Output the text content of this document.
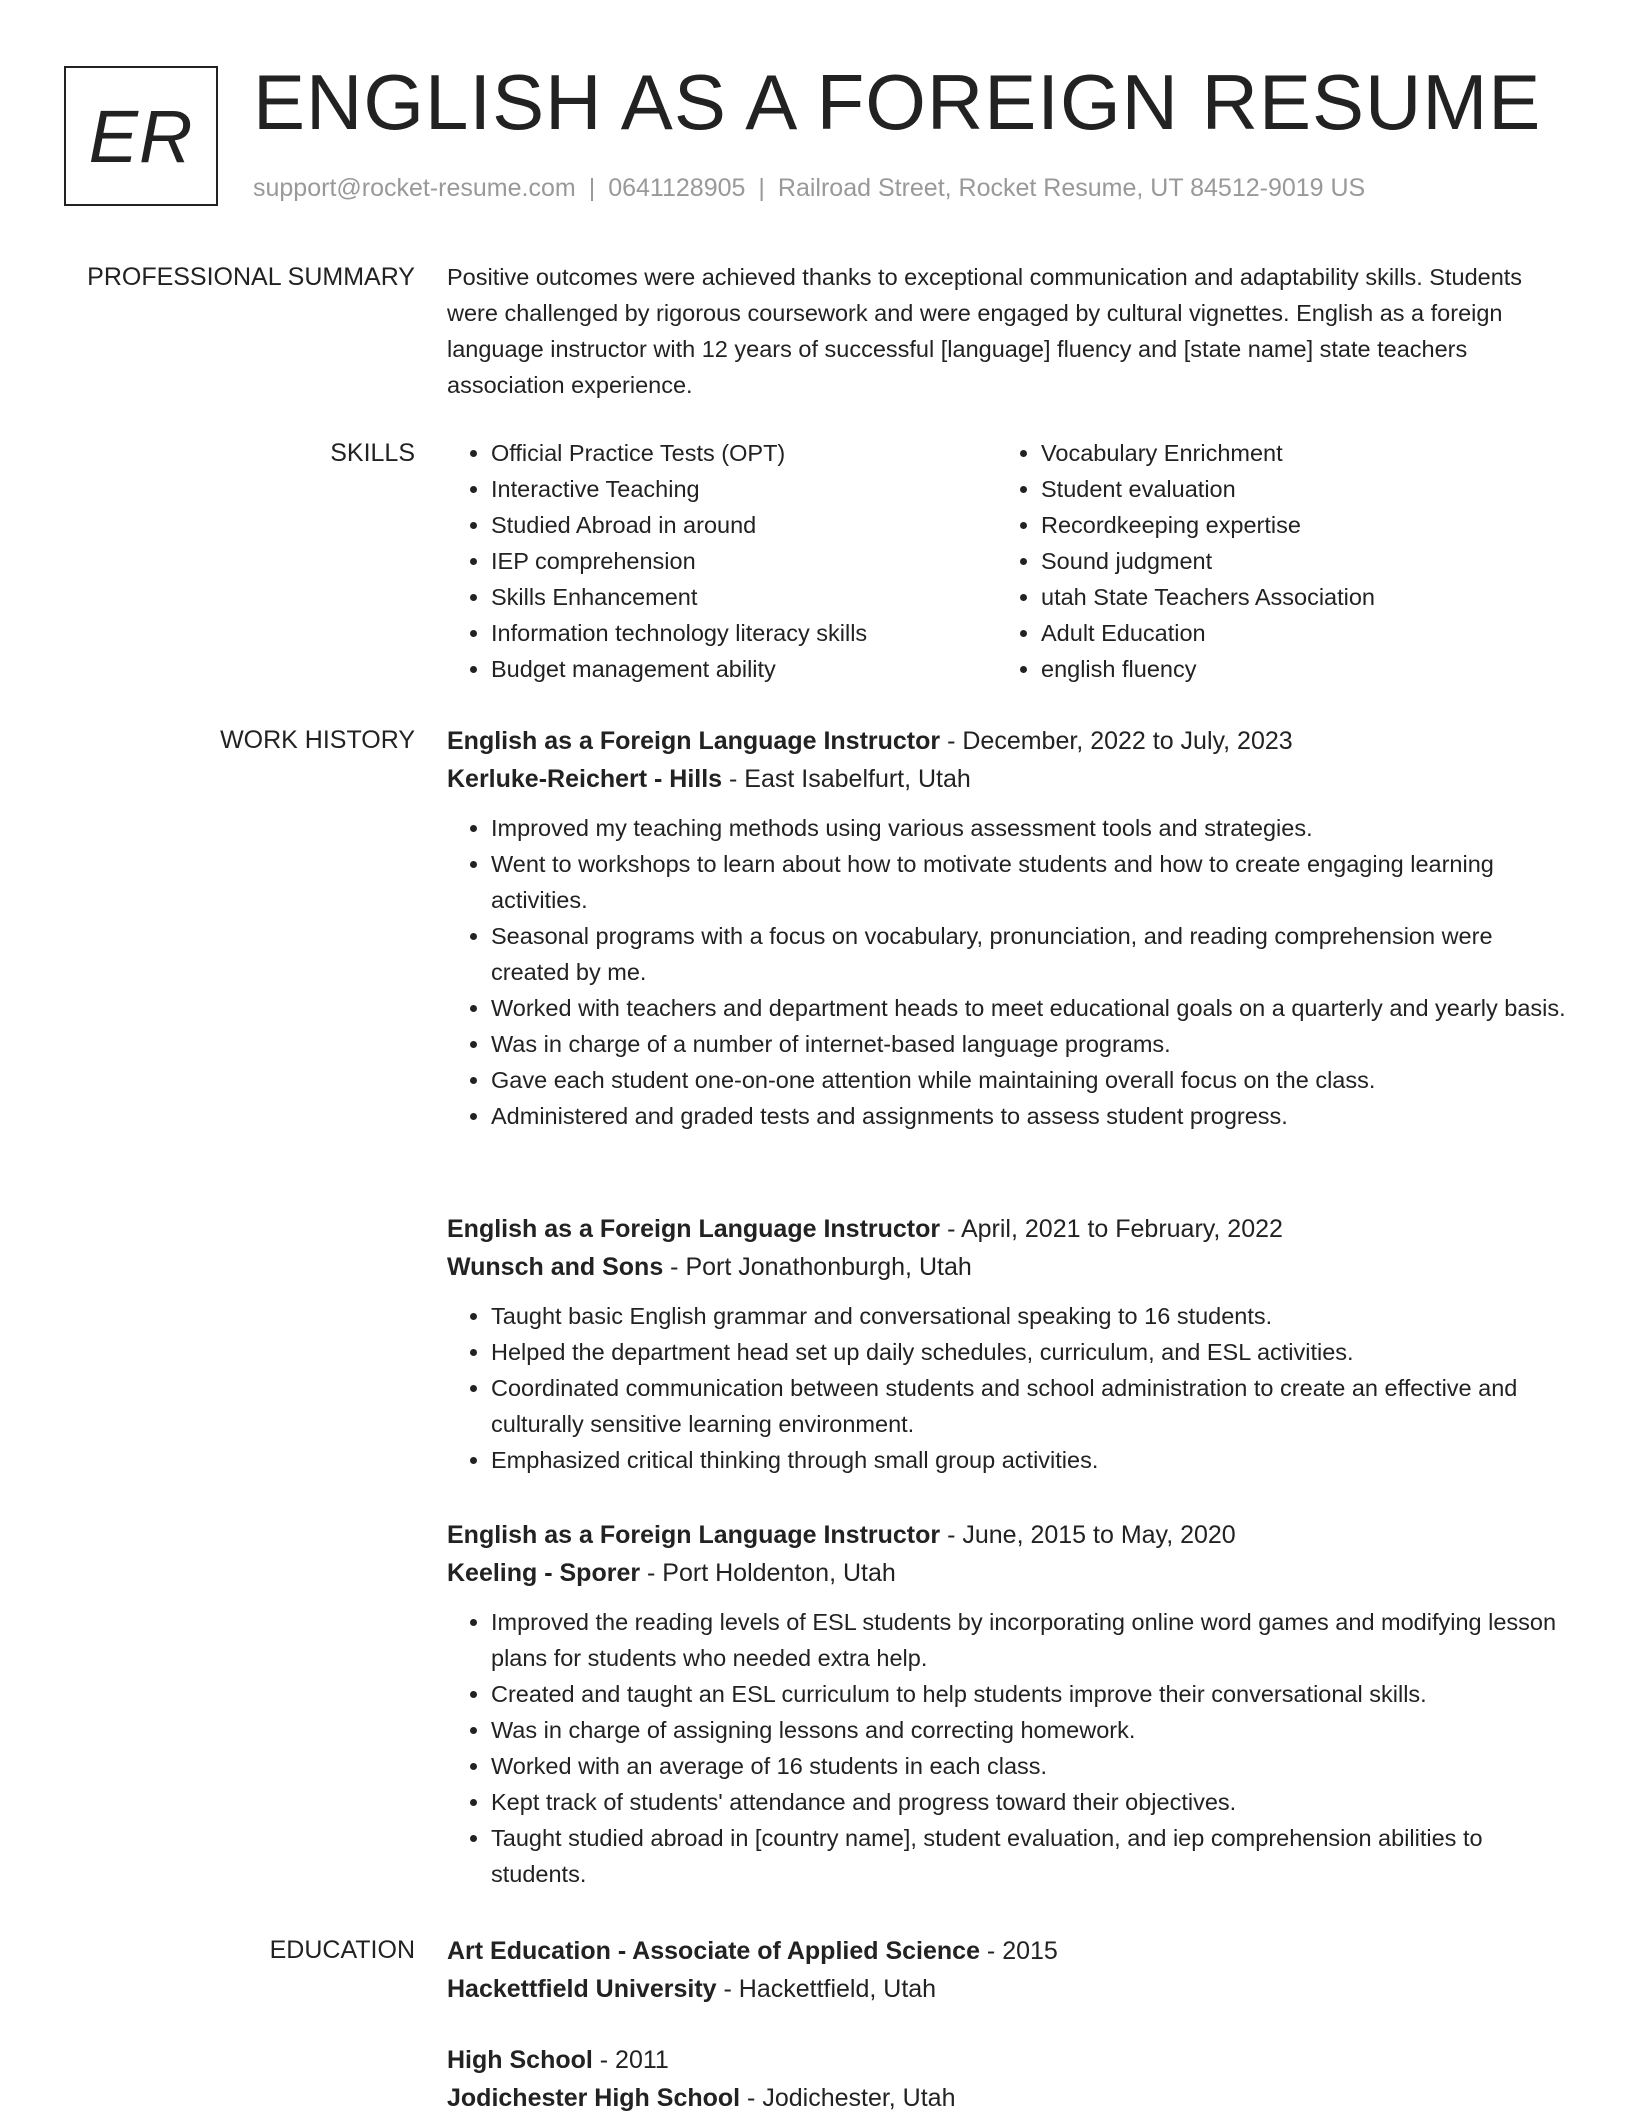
ER ENGLISH AS A FOREIGN RESUME
support@rocket-resume.com | 0641128905 | Railroad Street, Rocket Resume, UT 84512-9019 US
PROFESSIONAL SUMMARY Positive outcomes were achieved thanks to exceptional communication and adaptability skills. Students were challenged by rigorous coursework and were engaged by cultural vignettes. English as a foreign language instructor with 12 years of successful [language] fluency and [state name] state teachers association experience.

SKILLS
•	Official Practice Tests (OPT)
• Interactive Teaching
• Studied Abroad in around
• IEP comprehension
• Skills Enhancement
• Information technology literacy skills
• Budget management ability
• Vocabulary Enrichment
• Student evaluation
• Recordkeeping expertise
• Sound judgment
• utah State Teachers Association
• Adult Education
• english fluency
WORK HISTORY English as a Foreign Language Instructor - December, 2022 to July, 2023
Kerluke-Reichert - Hills - East Isabelfurt, Utah
• Improved my teaching methods using various assessment tools and strategies.
• Went to workshops to learn about how to motivate students and how to create engaging learning activities.
• Seasonal programs with a focus on vocabulary, pronunciation, and reading comprehension were created by me.
• Worked with teachers and department heads to meet educational goals on a quarterly and yearly basis.
• Was in charge of a number of internet-based language programs.
• Gave each student one-on-one attention while maintaining overall focus on the class.
• Administered and graded tests and assignments to assess student progress.
English as a Foreign Language Instructor - April, 2021 to February, 2022
Wunsch and Sons - Port Jonathonburgh, Utah
• Taught basic English grammar and conversational speaking to 16 students.
• Helped the department head set up daily schedules, curriculum, and ESL activities.
• Coordinated communication between students and school administration to create an effective and culturally sensitive learning environment.
• Emphasized critical thinking through small group activities.
English as a Foreign Language Instructor - June, 2015 to May, 2020
Keeling - Sporer - Port Holdenton, Utah
• Improved the reading levels of ESL students by incorporating online word games and modifying lesson plans for students who needed extra help.
• Created and taught an ESL curriculum to help students improve their conversational skills.
• Was in charge of assigning lessons and correcting homework.
• Worked with an average of 16 students in each class.
• Kept track of students' attendance and progress toward their objectives.
• Taught studied abroad in [country name], student evaluation, and iep comprehension abilities to students.
EDUCATION Art Education - Associate of Applied Science - 2015
Hackettfield University - Hackettfield, Utah
High School - 2011
Jodichester High School - Jodichester, Utah
